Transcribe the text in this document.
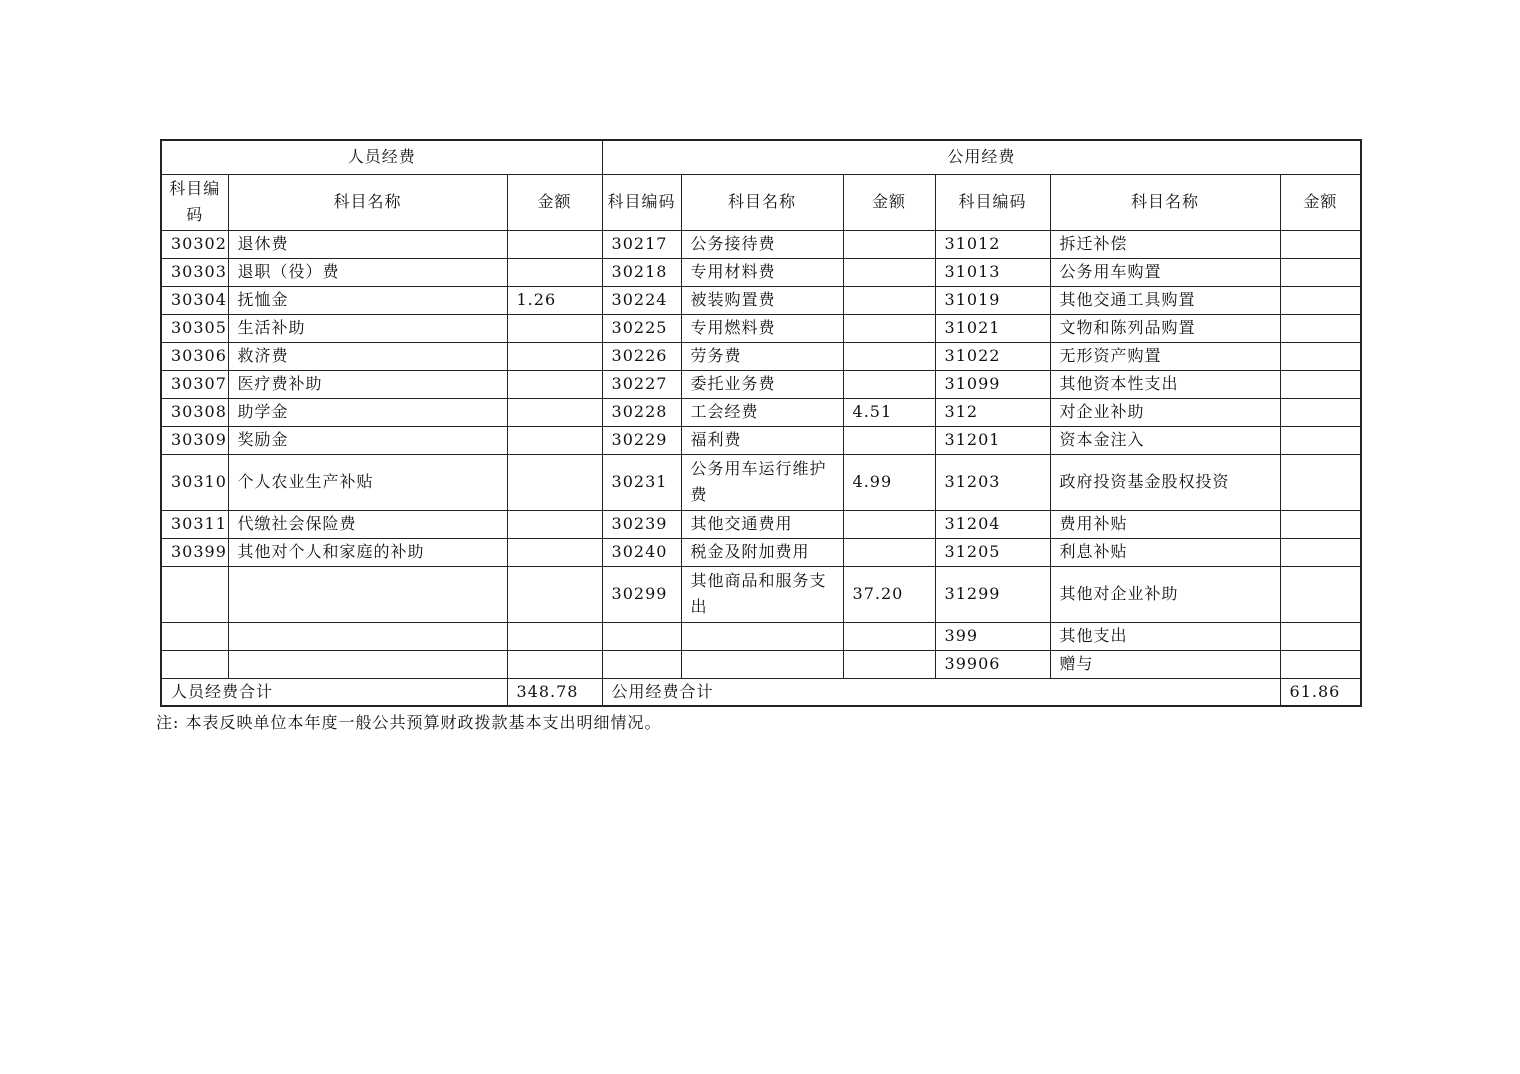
人员经费			公用经费					
科目编码	科目名称	金额	科目编码	科目名称	金额	科目编码	科目名称	金额
30302	退休费		30217	公务接待费		31012	拆迁补偿	
30303	退职（役）费		30218	专用材料费		31013	公务用车购置	
30304	抚恤金	1.26	30224	被装购置费		31019	其他交通工具购置	
30305	生活补助		30225	专用燃料费		31021	文物和陈列品购置	
30306	救济费		30226	劳务费		31022	无形资产购置	
30307	医疗费补助		30227	委托业务费		31099	其他资本性支出	
30308	助学金		30228	工会经费	4.51	312	对企业补助	
30309	奖励金		30229	福利费		31201	资本金注入	
30310	个人农业生产补贴		30231	公务用车运行维护费	4.99	31203	政府投资基金股权投资	
30311	代缴社会保险费		30239	其他交通费用		31204	费用补贴	
30399	其他对个人和家庭的补助		30240	税金及附加费用		31205	利息补贴	
			30299	其他商品和服务支出	37.20	31299	其他对企业补助	
						399	其他支出	
						39906	赠与	
人员经费合计		348.78	公用经费合计					61.86
注: 本表反映单位本年度一般公共预算财政拨款基本支出明细情况。
